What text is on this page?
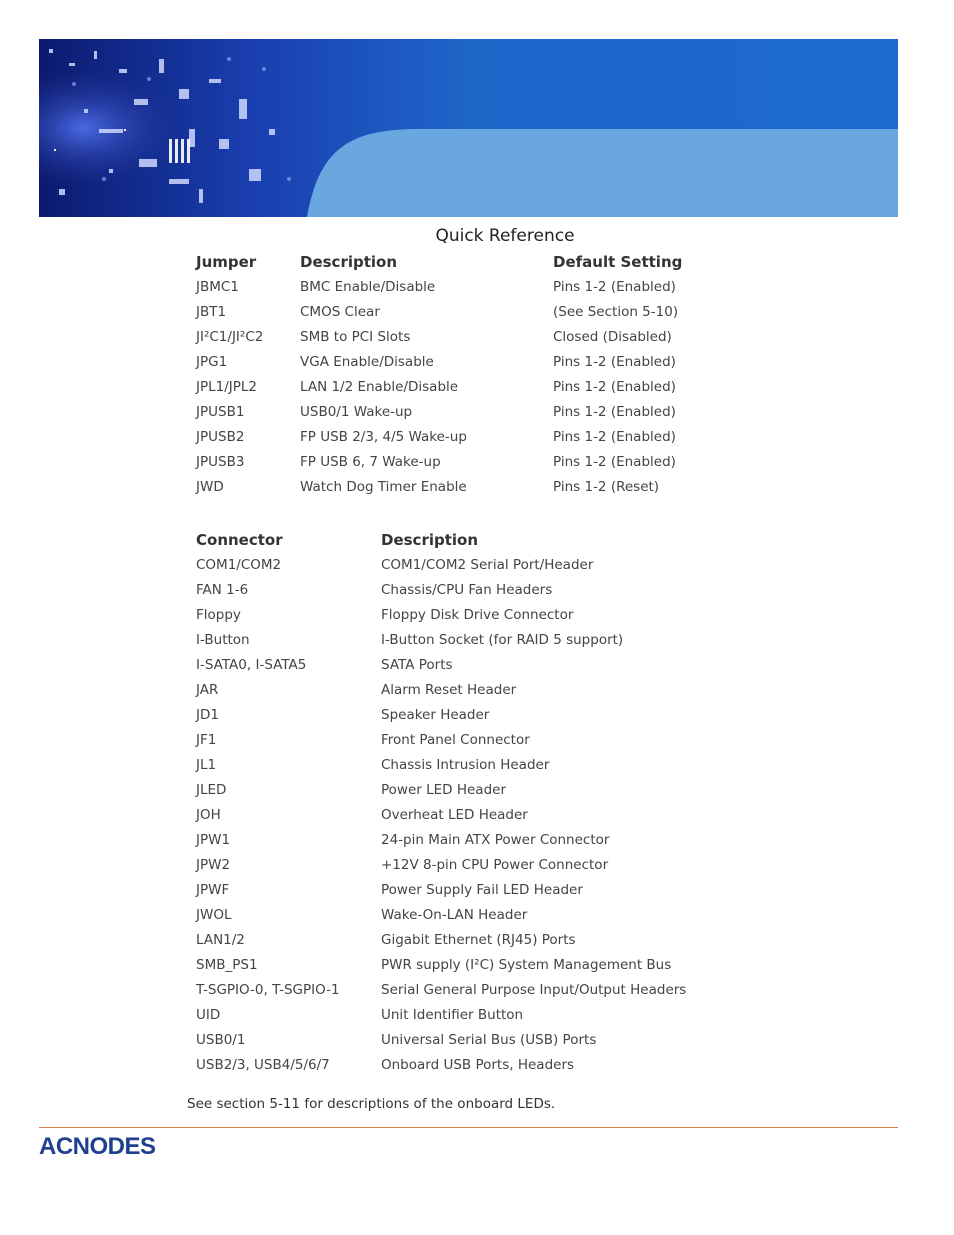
Quick Reference
Jumper	Description	Default Setting
JBMC1	BMC Enable/Disable	Pins 1-2 (Enabled)
JBT1	CMOS Clear	(See Section 5-10)
JI²C1/JI²C2	SMB to PCI Slots	Closed (Disabled)
JPG1	VGA Enable/Disable	Pins 1-2 (Enabled)
JPL1/JPL2	LAN 1/2 Enable/Disable	Pins 1-2 (Enabled)
JPUSB1	USB0/1 Wake-up	Pins 1-2 (Enabled)
JPUSB2	FP USB 2/3, 4/5 Wake-up	Pins 1-2 (Enabled)
JPUSB3	FP USB 6, 7 Wake-up	Pins 1-2 (Enabled)
JWD	Watch Dog Timer Enable	Pins 1-2 (Reset)
Connector	Description
COM1/COM2	COM1/COM2 Serial Port/Header
FAN 1-6	Chassis/CPU Fan Headers
Floppy	Floppy Disk Drive Connector
I-Button	I-Button Socket (for RAID 5 support)
I-SATA0, I-SATA5	SATA Ports
JAR	Alarm Reset Header
JD1	Speaker Header
JF1	Front Panel Connector
JL1	Chassis Intrusion Header
JLED	Power LED Header
JOH	Overheat LED Header
JPW1	24-pin Main ATX Power Connector
JPW2	+12V 8-pin CPU Power Connector
JPWF	Power Supply Fail LED Header
JWOL	Wake-On-LAN Header
LAN1/2	Gigabit Ethernet (RJ45) Ports
SMB_PS1	PWR supply (I²C) System Management Bus
T-SGPIO-0, T-SGPIO-1	Serial General Purpose Input/Output Headers
UID	Unit Identifier Button
USB0/1	Universal Serial Bus (USB) Ports
USB2/3, USB4/5/6/7	Onboard USB Ports, Headers
See section 5-11 for descriptions of the onboard LEDs.
ACNODES
